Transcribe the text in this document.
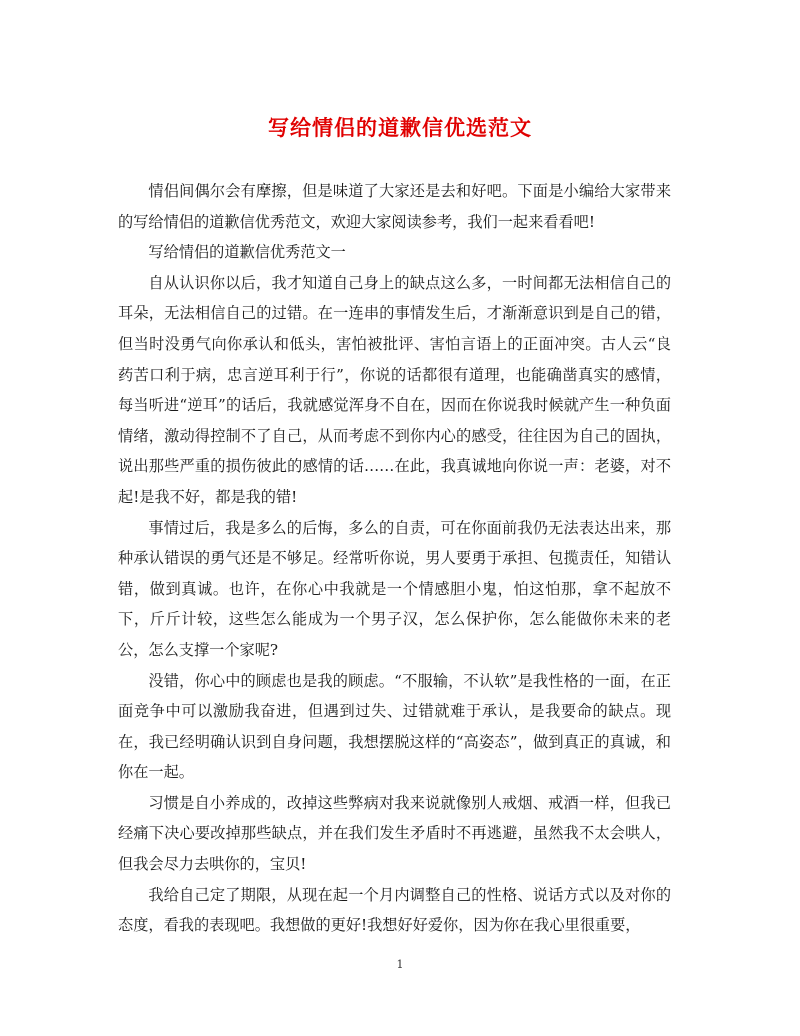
写给情侣的道歉信优选范文

情侣间偶尔会有摩擦，但是味道了大家还是去和好吧。下面是小编给大家带来的写给情侣的道歉信优秀范文，欢迎大家阅读参考，我们一起来看看吧!

写给情侣的道歉信优秀范文一

自从认识你以后，我才知道自己身上的缺点这么多，一时间都无法相信自己的耳朵，无法相信自己的过错。在一连串的事情发生后，才渐渐意识到是自己的错，但当时没勇气向你承认和低头，害怕被批评、害怕言语上的正面冲突。古人云“良药苦口利于病，忠言逆耳利于行”，你说的话都很有道理，也能确凿真实的感情，每当听进“逆耳”的话后，我就感觉浑身不自在，因而在你说我时候就产生一种负面情绪，激动得控制不了自己，从而考虑不到你内心的感受，往往因为自己的固执，说出那些严重的损伤彼此的感情的话……在此，我真诚地向你说一声：老婆，对不起!是我不好，都是我的错!

事情过后，我是多么的后悔，多么的自责，可在你面前我仍无法表达出来，那种承认错误的勇气还是不够足。经常听你说，男人要勇于承担、包揽责任，知错认错，做到真诚。也许，在你心中我就是一个情感胆小鬼，怕这怕那，拿不起放不下，斤斤计较，这些怎么能成为一个男子汉，怎么保护你，怎么能做你未来的老公，怎么支撑一个家呢?

没错，你心中的顾虑也是我的顾虑。“不服输，不认软”是我性格的一面，在正面竞争中可以激励我奋进，但遇到过失、过错就难于承认，是我要命的缺点。现在，我已经明确认识到自身问题，我想摆脱这样的“高姿态”，做到真正的真诚，和你在一起。

习惯是自小养成的，改掉这些弊病对我来说就像别人戒烟、戒酒一样，但我已经痛下决心要改掉那些缺点，并在我们发生矛盾时不再逃避，虽然我不太会哄人，但我会尽力去哄你的，宝贝!

我给自己定了期限，从现在起一个月内调整自己的性格、说话方式以及对你的态度，看我的表现吧。我想做的更好!我想好好爱你，因为你在我心里很重要，

1
